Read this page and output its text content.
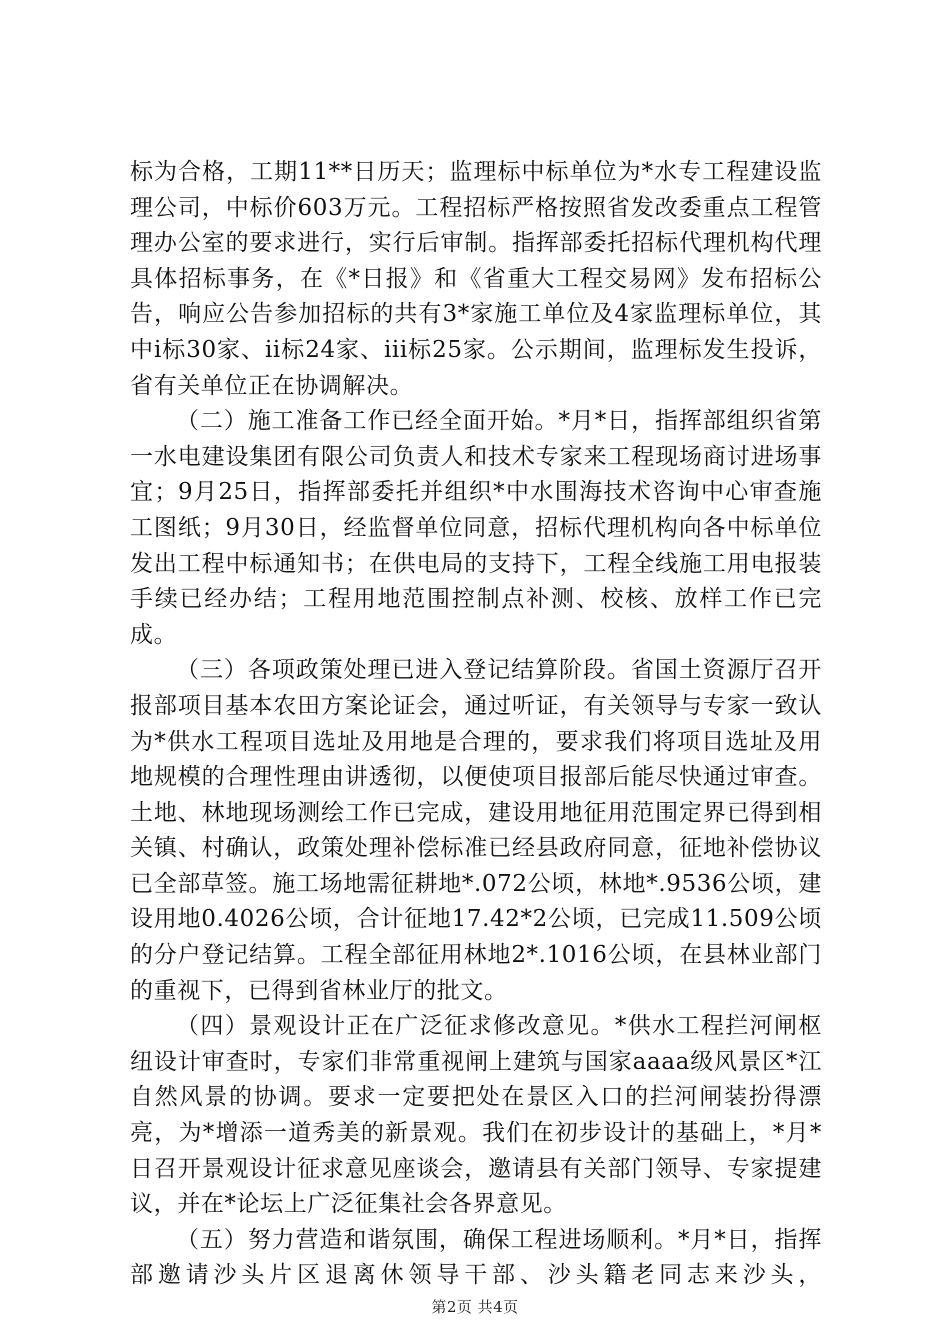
标为合格，工期11**日历天；监理标中标单位为*水专工程建设监理公司，中标价603万元。工程招标严格按照省发改委重点工程管理办公室的要求进行，实行后审制。指挥部委托招标代理机构代理具体招标事务，在《*日报》和《省重大工程交易网》发布招标公告，响应公告参加招标的共有3*家施工单位及4家监理标单位，其中i标30家、ii标24家、iii标25家。公示期间，监理标发生投诉，省有关单位正在协调解决。

（二）施工准备工作已经全面开始。*月*日，指挥部组织省第一水电建设集团有限公司负责人和技术专家来工程现场商讨进场事宜；9月25日，指挥部委托并组织*中水围海技术咨询中心审查施工图纸；9月30日，经监督单位同意，招标代理机构向各中标单位发出工程中标通知书；在供电局的支持下，工程全线施工用电报装手续已经办结；工程用地范围控制点补测、校核、放样工作已完成。

（三）各项政策处理已进入登记结算阶段。省国土资源厅召开报部项目基本农田方案论证会，通过听证，有关领导与专家一致认为*供水工程项目选址及用地是合理的，要求我们将项目选址及用地规模的合理性理由讲透彻，以便使项目报部后能尽快通过审查。土地、林地现场测绘工作已完成，建设用地征用范围定界已得到相关镇、村确认，政策处理补偿标准已经县政府同意，征地补偿协议已全部草签。施工场地需征耕地*.072公顷，林地*.9536公顷，建设用地0.4026公顷，合计征地17.42*2公顷，已完成11.509公顷的分户登记结算。工程全部征用林地2*.1016公顷，在县林业部门的重视下，已得到省林业厅的批文。

（四）景观设计正在广泛征求修改意见。*供水工程拦河闸枢纽设计审查时，专家们非常重视闸上建筑与国家aaaa级风景区*江自然风景的协调。要求一定要把处在景区入口的拦河闸装扮得漂亮，为*增添一道秀美的新景观。我们在初步设计的基础上，*月*日召开景观设计征求意见座谈会，邀请县有关部门领导、专家提建议，并在*论坛上广泛征集社会各界意见。

（五）努力营造和谐氛围，确保工程进场顺利。*月*日，指挥部邀请沙头片区退离休领导干部、沙头籍老同志来沙头，

第2页 共4页
